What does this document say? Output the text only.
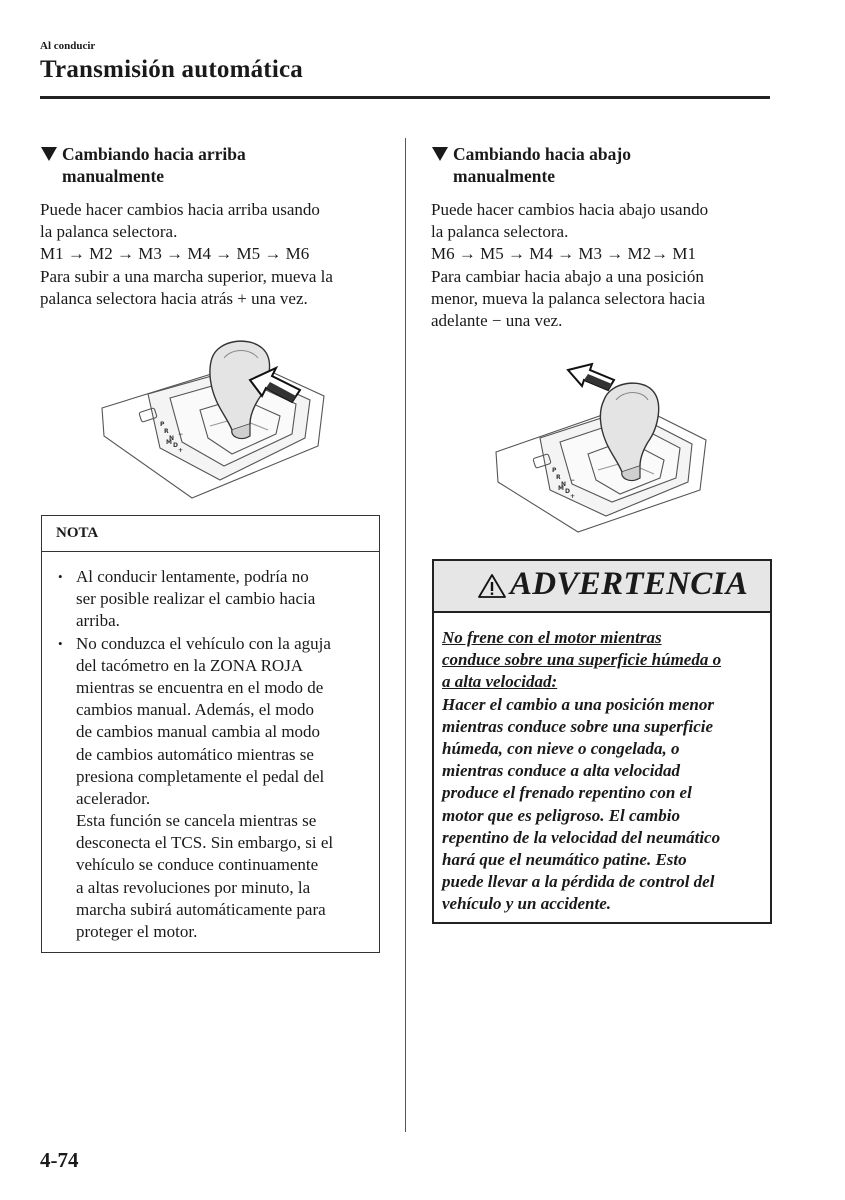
Al conducir
Transmisión automática
Cambiando hacia arriba
manualmente
Puede hacer cambios hacia arriba usando
la palanca selectora.
M1 → M2 → M3 → M4 → M5 → M6
Para subir a una marcha superior, mueva la
palanca selectora hacia atrás + una vez.
P
R
N
D
M
+
−
NOTA
• Al conducir lentamente, podría no
ser posible realizar el cambio hacia
arriba.
• No conduzca el vehículo con la aguja
del tacómetro en la ZONA ROJA
mientras se encuentra en el modo de
cambios manual. Además, el modo
de cambios manual cambia al modo
de cambios automático mientras se
presiona completamente el pedal del
acelerador.
Esta función se cancela mientras se
desconecta el TCS. Sin embargo, si el
vehículo se conduce continuamente
a altas revoluciones por minuto, la
marcha subirá automáticamente para
proteger el motor.
Cambiando hacia abajo
manualmente
Puede hacer cambios hacia abajo usando
la palanca selectora.
M6 → M5 → M4 → M3 → M2→ M1
Para cambiar hacia abajo a una posición
menor, mueva la palanca selectora hacia
adelante − una vez.
P
R
N
D
M
+
−
ADVERTENCIA
No frene con el motor mientras
conduce sobre una superficie húmeda o
a alta velocidad:
Hacer el cambio a una posición menor
mientras conduce sobre una superficie
húmeda, con nieve o congelada, o
mientras conduce a alta velocidad
produce el frenado repentino con el
motor que es peligroso. El cambio
repentino de la velocidad del neumático
hará que el neumático patine. Esto
puede llevar a la pérdida de control del
vehículo y un accidente.
4-74
